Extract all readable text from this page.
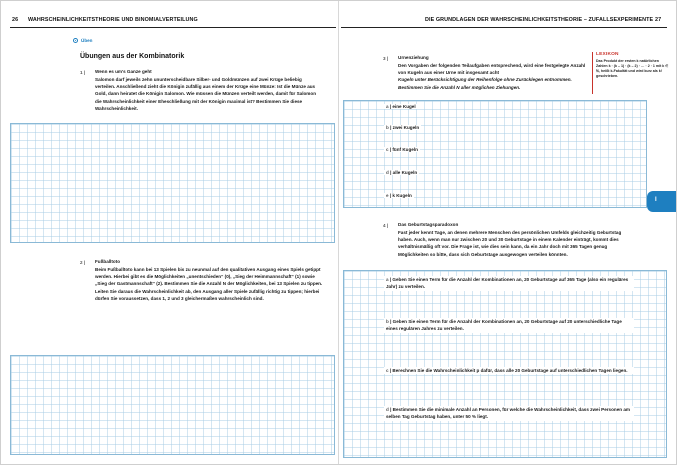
26 WAHRSCHEINLICHKEITSTHEORIE UND BINOMIALVERTEILUNG	DIE GRUNDLAGEN DER WAHRSCHEINLICHKEITSTHEORIE – ZUFALLSEXPERIMENTE 27
Üben
Übungen aus der Kombinatorik
1 | Wenn es um's Ganze geht
Salomon darf jeweils zehn ununterscheidbare Silber- und Goldmünzen auf zwei Krüge beliebig verteilen. Anschließend zieht die Königin zufällig aus einem der Krüge eine Münze: Ist die Münze aus Gold, dann heiratet die Königin Salomon. Wie müssen die Münzen verteilt werden, damit für Salomon die Wahrscheinlichkeit einer Eheschließung mit der Königin maximal ist? Bestimmen Sie diese Wahrscheinlichkeit.
2 | Fußballtoto
Beim Fußballtoto kann bei 13 Spielen bis zu neunmal auf den qualitativen Ausgang eines Spiels getippt werden. Hierbei gibt es die Möglichkeiten „unentschieden“ (0), „Sieg der Heimmannschaft“ (1) sowie „Sieg der Gastmannschaft“ (2). Bestimmen Sie die Anzahl N der Möglichkeiten, bei 13 Spielen zu tippen. Leiten Sie daraus die Wahrscheinlichkeit ab, den Ausgang aller Spiele zufällig richtig zu tippen; hierbei dürfen Sie voraussetzen, dass 1, 2 und 3 gleichermaßen wahrscheinlich sind.
3 | Urnenziehung
Den Vorgaben der folgenden Teilaufgaben entsprechend, wird eine festgelegte Anzahl von Kugeln aus einer Urne mit insgesamt acht
Kugeln unter Berücksichtigung der Reihenfolge ohne Zurücklegen entnommen. Bestimmen Sie die Anzahl N aller möglichen Ziehungen.
a | eine Kugel
b | zwei Kugeln
c | fünf Kugeln
d | alle Kugeln
e | k Kugeln
4 | Das Geburtstagsparadoxon
Fast jeder kennt Tage, an denen mehrere Menschen des persönlichen Umfelds gleichzeitig Geburtstag haben. Auch, wenn man nur zwischen 20 und 30 Geburtstage in einem Kalender einträgt, kommt dies verhältnismäßig oft vor. Die Frage ist, wie dies sein kann, da ein Jahr doch mit 365 Tagen genug Möglichkeiten so bitte, dass sich Geburtstage ausgewogen verteilen könnten.
a | Geben Sie einen Term für die Anzahl der Kombinationen an, 20 Geburtstage auf 365 Tage (also ein reguläres Jahr) zu verteilen.
b | Geben Sie einen Term für die Anzahl der Kombinationen an, 20 Geburtstage auf 20 unterschiedliche Tage eines regulären Jahres zu verteilen.
c | Berechnen Sie die Wahrscheinlichkeit p dafür, dass alle 20 Geburtstage auf unterschiedlichen Tagen liegen.
d | Bestimmen Sie die minimale Anzahl an Personen, für welche die Wahrscheinlichkeit, dass zwei Personen am selben Tag Geburtstag haben, unter 50 % liegt.
LEXIKON
Das Produkt der ersten k natürlichen Zahlen k · (k – 1) · (k – 2) · … · 2 · 1 mit k ∈ ℕ, heißt k-Fakultät und wird kurz als k! geschrieben.
I
